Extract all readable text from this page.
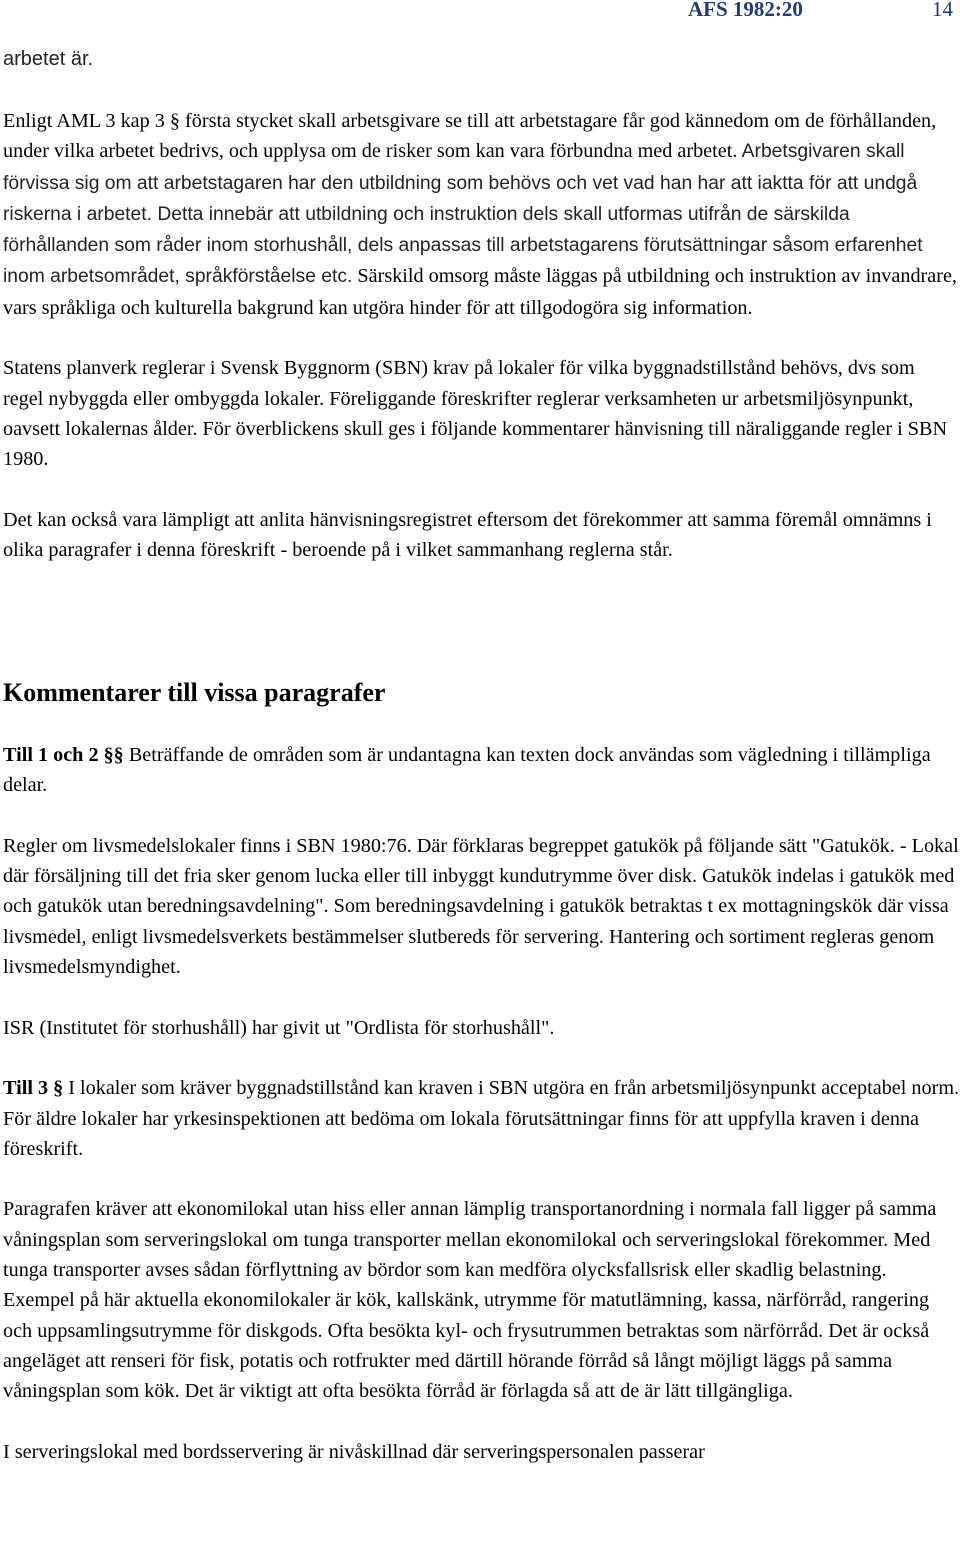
AFS 1982:20	14
arbetet är.

Enligt AML 3 kap 3 § första stycket skall arbetsgivare se till att arbetstagare får god kännedom om de förhållanden, under vilka arbetet bedrivs, och upplysa om de risker som kan vara förbundna med arbetet. Arbetsgivaren skall förvissa sig om att arbetstagaren har den utbildning som behövs och vet vad han har att iaktta för att undgå riskerna i arbetet. Detta innebär att utbildning och instruktion dels skall utformas utifrån de särskilda förhållanden som råder inom storhushåll, dels anpassas till arbetstagarens förutsättningar såsom erfarenhet inom arbetsområdet, språkförståelse etc. Särskild omsorg måste läggas på utbildning och instruktion av invandrare, vars språkliga och kulturella bakgrund kan utgöra hinder för att tillgodogöra sig information.

Statens planverk reglerar i Svensk Byggnorm (SBN) krav på lokaler för vilka byggnadstillstånd behövs, dvs som regel nybyggda eller ombyggda lokaler. Föreliggande föreskrifter reglerar verksamheten ur arbetsmiljösynpunkt, oavsett lokalernas ålder. För överblickens skull ges i följande kommentarer hänvisning till näraliggande regler i SBN 1980.

Det kan också vara lämpligt att anlita hänvisningsregistret eftersom det förekommer att samma föremål omnämns i olika paragrafer i denna föreskrift - beroende på i vilket sammanhang reglerna står.

Kommentarer till vissa paragrafer

Till 1 och 2 §§ Beträffande de områden som är undantagna kan texten dock användas som vägledning i tillämpliga delar.

Regler om livsmedelslokaler finns i SBN 1980:76. Där förklaras begreppet gatukök på följande sätt "Gatukök. - Lokal där försäljning till det fria sker genom lucka eller till inbyggt kundutrymme över disk. Gatukök indelas i gatukök med och gatukök utan beredningsavdelning". Som beredningsavdelning i gatukök betraktas t ex mottagningskök där vissa livsmedel, enligt livsmedelsverkets bestämmelser slutbereds för servering. Hantering och sortiment regleras genom livsmedelsmyndighet.

ISR (Institutet för storhushåll) har givit ut "Ordlista för storhushåll".

Till 3 § I lokaler som kräver byggnadstillstånd kan kraven i SBN utgöra en från arbetsmiljösynpunkt acceptabel norm. För äldre lokaler har yrkesinspektionen att bedöma om lokala förutsättningar finns för att uppfylla kraven i denna föreskrift.

Paragrafen kräver att ekonomilokal utan hiss eller annan lämplig transportanordning i normala fall ligger på samma våningsplan som serveringslokal om tunga transporter mellan ekonomilokal och serveringslokal förekommer. Med tunga transporter avses sådan förflyttning av bördor som kan medföra olycksfallsrisk eller skadlig belastning. Exempel på här aktuella ekonomilokaler är kök, kallskänk, utrymme för matutlämning, kassa, närförråd, rangering och uppsamlingsutrymme för diskgods. Ofta besökta kyl- och frysutrummen betraktas som närförråd. Det är också angeläget att renseri för fisk, potatis och rotfrukter med därtill hörande förråd så långt möjligt läggs på samma våningsplan som kök. Det är viktigt att ofta besökta förråd är förlagda så att de är lätt tillgängliga.

I serveringslokal med bordsservering är nivåskillnad där serveringspersonalen passerar
